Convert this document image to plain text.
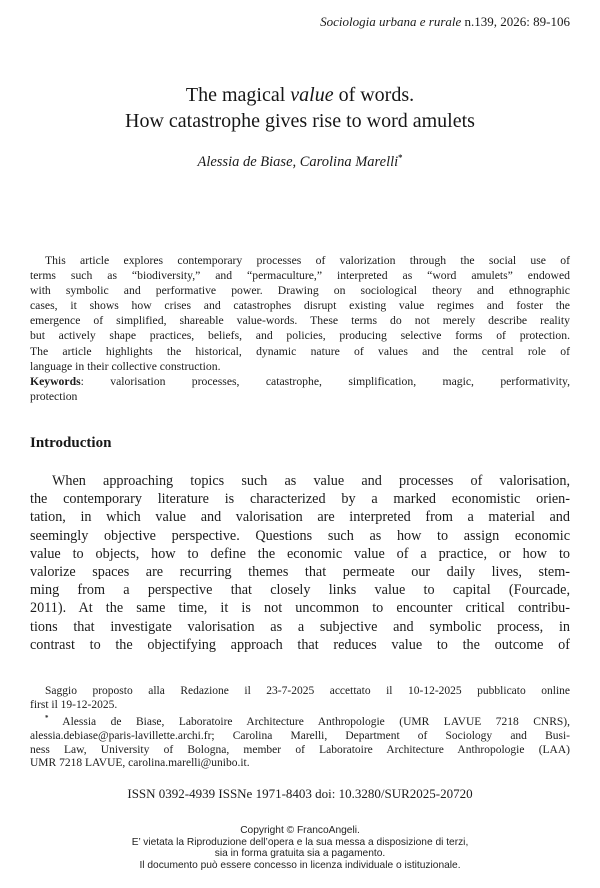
Sociologia urbana e rurale n.139, 2026: 89-106
The magical value of words.
How catastrophe gives rise to word amulets
Alessia de Biase, Carolina Marelli*
This article explores contemporary processes of valorization through the social use of
terms such as “biodiversity,” and “permaculture,” interpreted as “word amulets” endowed
with symbolic and performative power. Drawing on sociological theory and ethnographic
cases, it shows how crises and catastrophes disrupt existing value regimes and foster the
emergence of simplified, shareable value-words. These terms do not merely describe reality
but actively shape practices, beliefs, and policies, producing selective forms of protection.
The article highlights the historical, dynamic nature of values and the central role of
language in their collective construction.
Keywords: valorisation processes, catastrophe, simplification, magic, performativity,
protection
Introduction
When approaching topics such as value and processes of valorisation,
the contemporary literature is characterized by a marked economistic orien-
tation, in which value and valorisation are interpreted from a material and
seemingly objective perspective. Questions such as how to assign economic
value to objects, how to define the economic value of a practice, or how to
valorize spaces are recurring themes that permeate our daily lives, stem-
ming from a perspective that closely links value to capital (Fourcade,
2011). At the same time, it is not uncommon to encounter critical contribu-
tions that investigate valorisation as a subjective and symbolic process, in
contrast to the objectifying approach that reduces value to the outcome of
Saggio proposto alla Redazione il 23-7-2025 accettato il 10-12-2025 pubblicato online
first il 19-12-2025.
* Alessia de Biase, Laboratoire Architecture Anthropologie (UMR LAVUE 7218 CNRS),
alessia.debiase@paris-lavillette.archi.fr; Carolina Marelli, Department of Sociology and Busi-
ness Law, University of Bologna, member of Laboratoire Architecture Anthropologie (LAA)
UMR 7218 LAVUE, carolina.marelli@unibo.it.
ISSN 0392-4939 ISSNe 1971-8403 doi: 10.3280/SUR2025-20720
Copyright © FrancoAngeli.
E’ vietata la Riproduzione dell’opera e la sua messa a disposizione di terzi,
sia in forma gratuita sia a pagamento.
Il documento può essere concesso in licenza individuale o istituzionale.
